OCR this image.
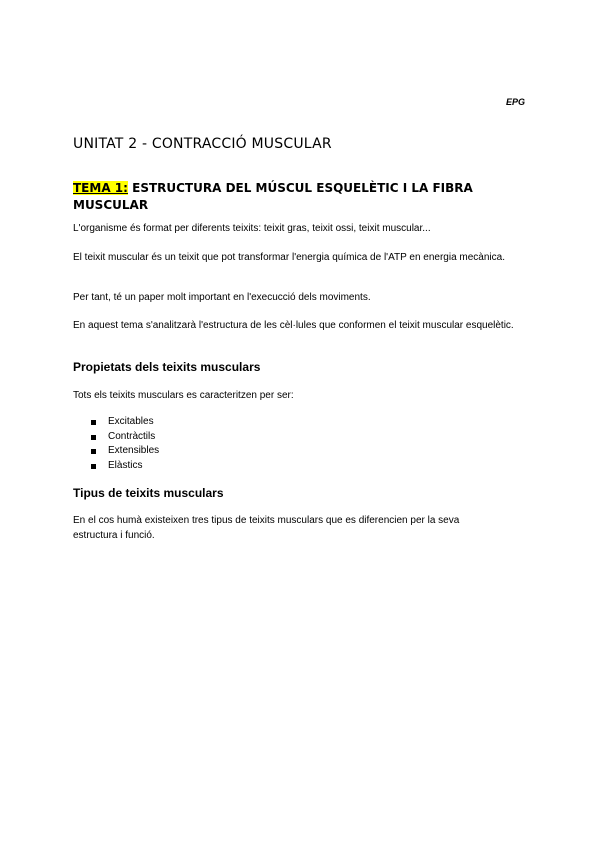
EPG
UNITAT 2 - CONTRACCIÓ MUSCULAR
TEMA 1: ESTRUCTURA DEL MÚSCUL ESQUELÈTIC I LA FIBRA MUSCULAR
L'organisme és format per diferents teixits: teixit gras, teixit ossi, teixit muscular...
El teixit muscular és un teixit que pot transformar l'energia química de l'ATP en energia mecànica.
Per tant, té un paper molt important en l'execucció dels moviments.
En aquest tema s'analitzarà l'estructura de les cèl·lules que conformen el teixit muscular esquelètic.
Propietats dels teixits musculars
Tots els teixits musculars es caracteritzen per ser:
Excitables
Contràctils
Extensibles
Elàstics
Tipus de teixits musculars
En el cos humà existeixen tres tipus de teixits musculars que es diferencien per la seva estructura i funció.
